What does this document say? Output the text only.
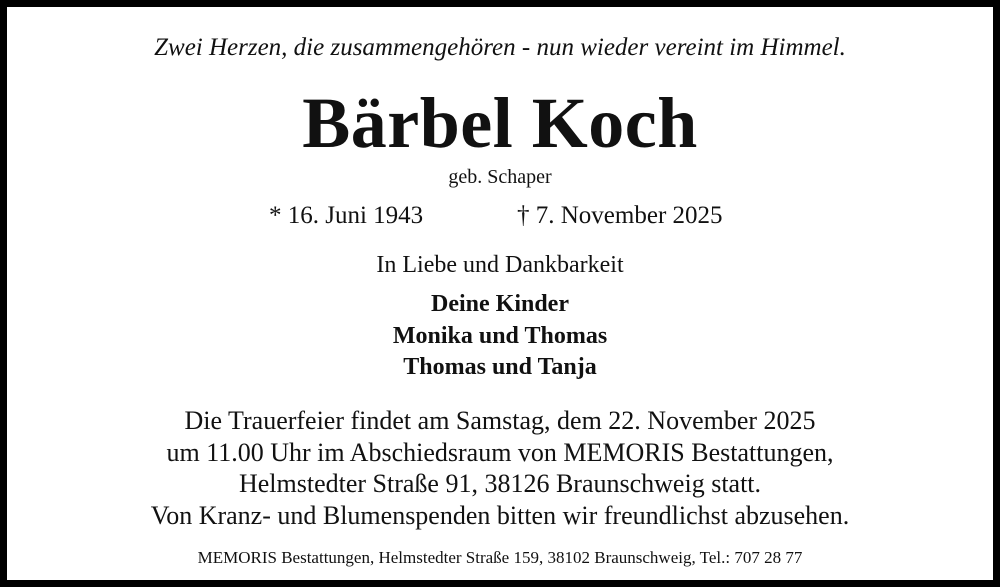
Zwei Herzen, die zusammengehören - nun wieder vereint im Himmel.

Bärbel Koch

geb. Schaper

* 16. Juni 1943	† 7. November 2025

In Liebe und Dankbarkeit

Deine Kinder
Monika und Thomas
Thomas und Tanja
Die Trauerfeier findet am Samstag, dem 22. November 2025
um 11.00 Uhr im Abschiedsraum von MEMORIS Bestattungen,
Helmstedter Straße 91, 38126 Braunschweig statt.
Von Kranz- und Blumenspenden bitten wir freundlichst abzusehen.

MEMORIS Bestattungen, Helmstedter Straße 159, 38102 Braunschweig, Tel.: 707 28 77
